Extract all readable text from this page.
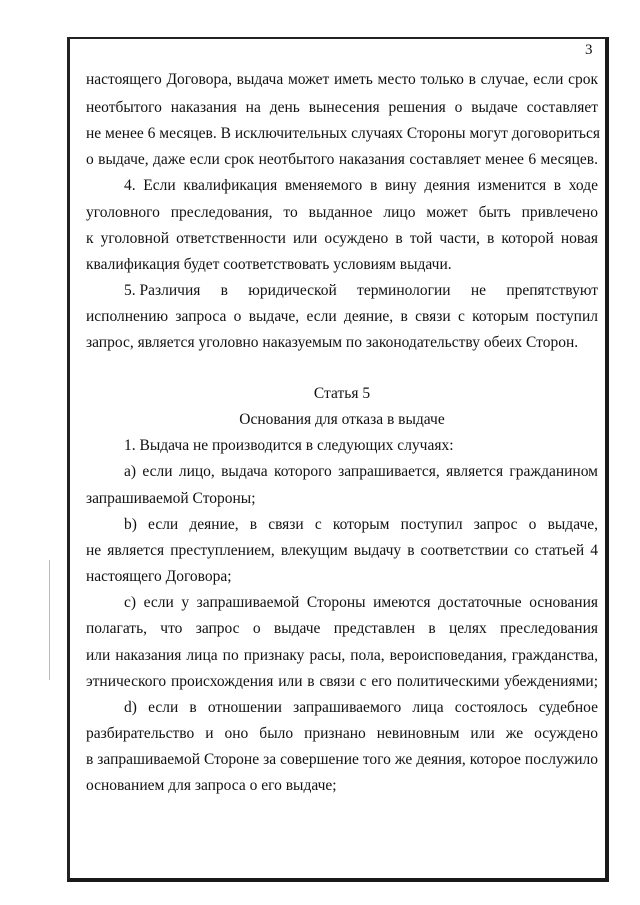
3
настоящего Договора, выдача может иметь место только в случае, если срок
неотбытого наказания на день вынесения решения о выдаче составляет
не менее 6 месяцев. В исключительных случаях Стороны могут договориться
о выдаче, даже если срок неотбытого наказания составляет менее 6 месяцев.
4. Если квалификация вменяемого в вину деяния изменится в ходе
уголовного преследования, то выданное лицо может быть привлечено
к уголовной ответственности или осуждено в той части, в которой новая
квалификация будет соответствовать условиям выдачи.
5. Различия в юридической терминологии не препятствуют
исполнению запроса о выдаче, если деяние, в связи с которым поступил
запрос, является уголовно наказуемым по законодательству обеих Сторон.
Статья 5
Основания для отказа в выдаче
1. Выдача не производится в следующих случаях:
а) если лицо, выдача которого запрашивается, является гражданином
запрашиваемой Стороны;
b) если деяние, в связи с которым поступил запрос о выдаче,
не является преступлением, влекущим выдачу в соответствии со статьей 4
настоящего Договора;
c) если у запрашиваемой Стороны имеются достаточные основания
полагать, что запрос о выдаче представлен в целях преследования
или наказания лица по признаку расы, пола, вероисповедания, гражданства,
этнического происхождения или в связи с его политическими убеждениями;
d) если в отношении запрашиваемого лица состоялось судебное
разбирательство и оно было признано невиновным или же осуждено
в запрашиваемой Стороне за совершение того же деяния, которое послужило
основанием для запроса о его выдаче;
